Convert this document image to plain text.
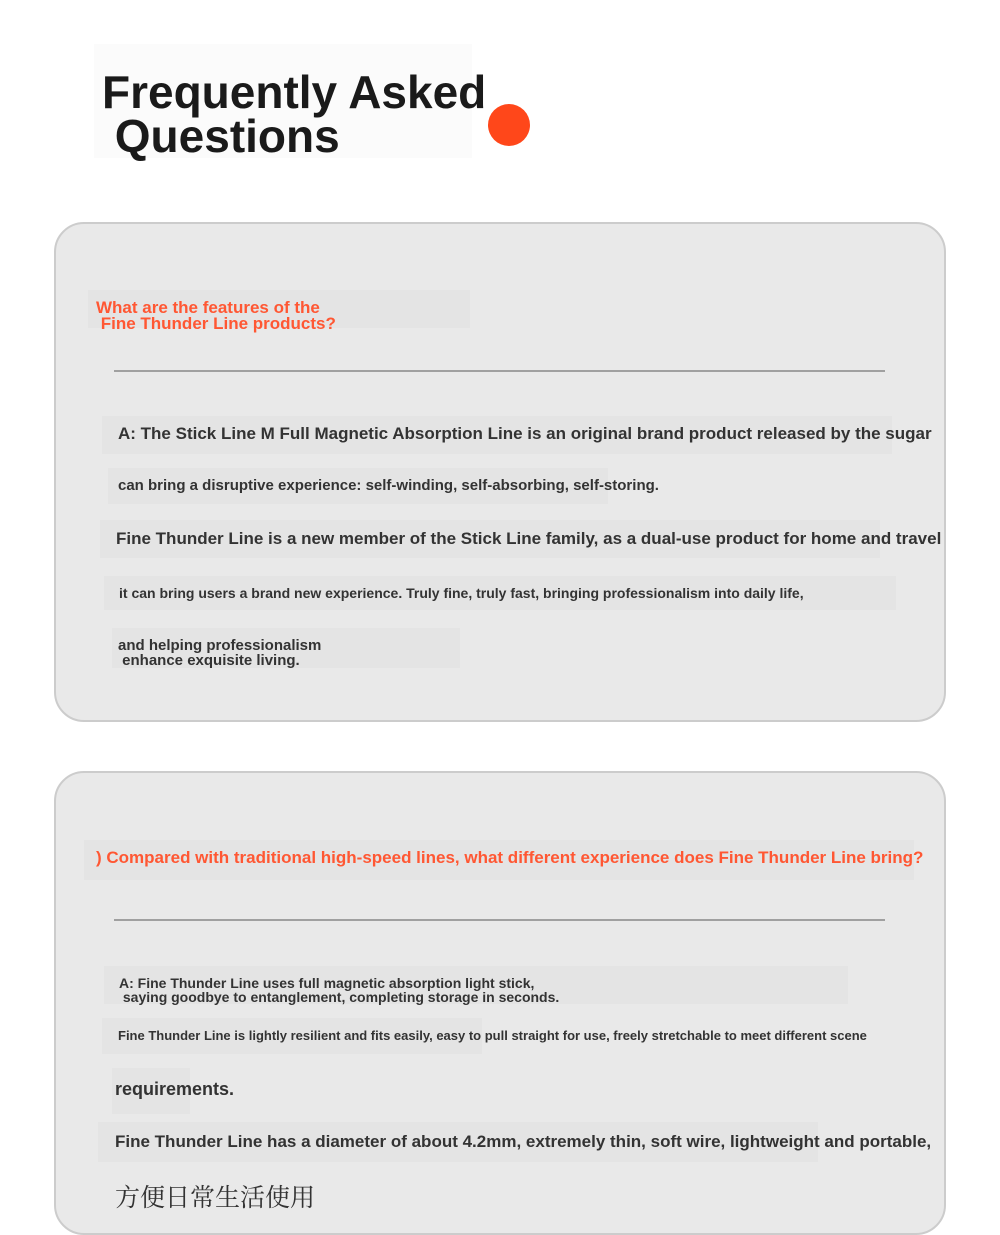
Frequently Asked
Questions
What are the features of the
Fine Thunder Line products?

A: The Stick Line M Full Magnetic Absorption Line is an original brand product released by the sugar

can bring a disruptive experience: self-winding, self-absorbing, self-storing.

Fine Thunder Line is a new member of the Stick Line family, as a dual-use product for home and travel

it can bring users a brand new experience. Truly fine, truly fast, bringing professionalism into daily life,

and helping professionalism
enhance exquisite living.

) Compared with traditional high-speed lines, what different experience does Fine Thunder Line bring?

A: Fine Thunder Line uses full magnetic absorption light stick,
saying goodbye to entanglement, completing storage in seconds.

Fine Thunder Line is lightly resilient and fits easily, easy to pull straight for use, freely stretchable to meet different scene

requirements.

Fine Thunder Line has a diameter of about 4.2mm, extremely thin, soft wire, lightweight and portable,

方便日常生活使用
